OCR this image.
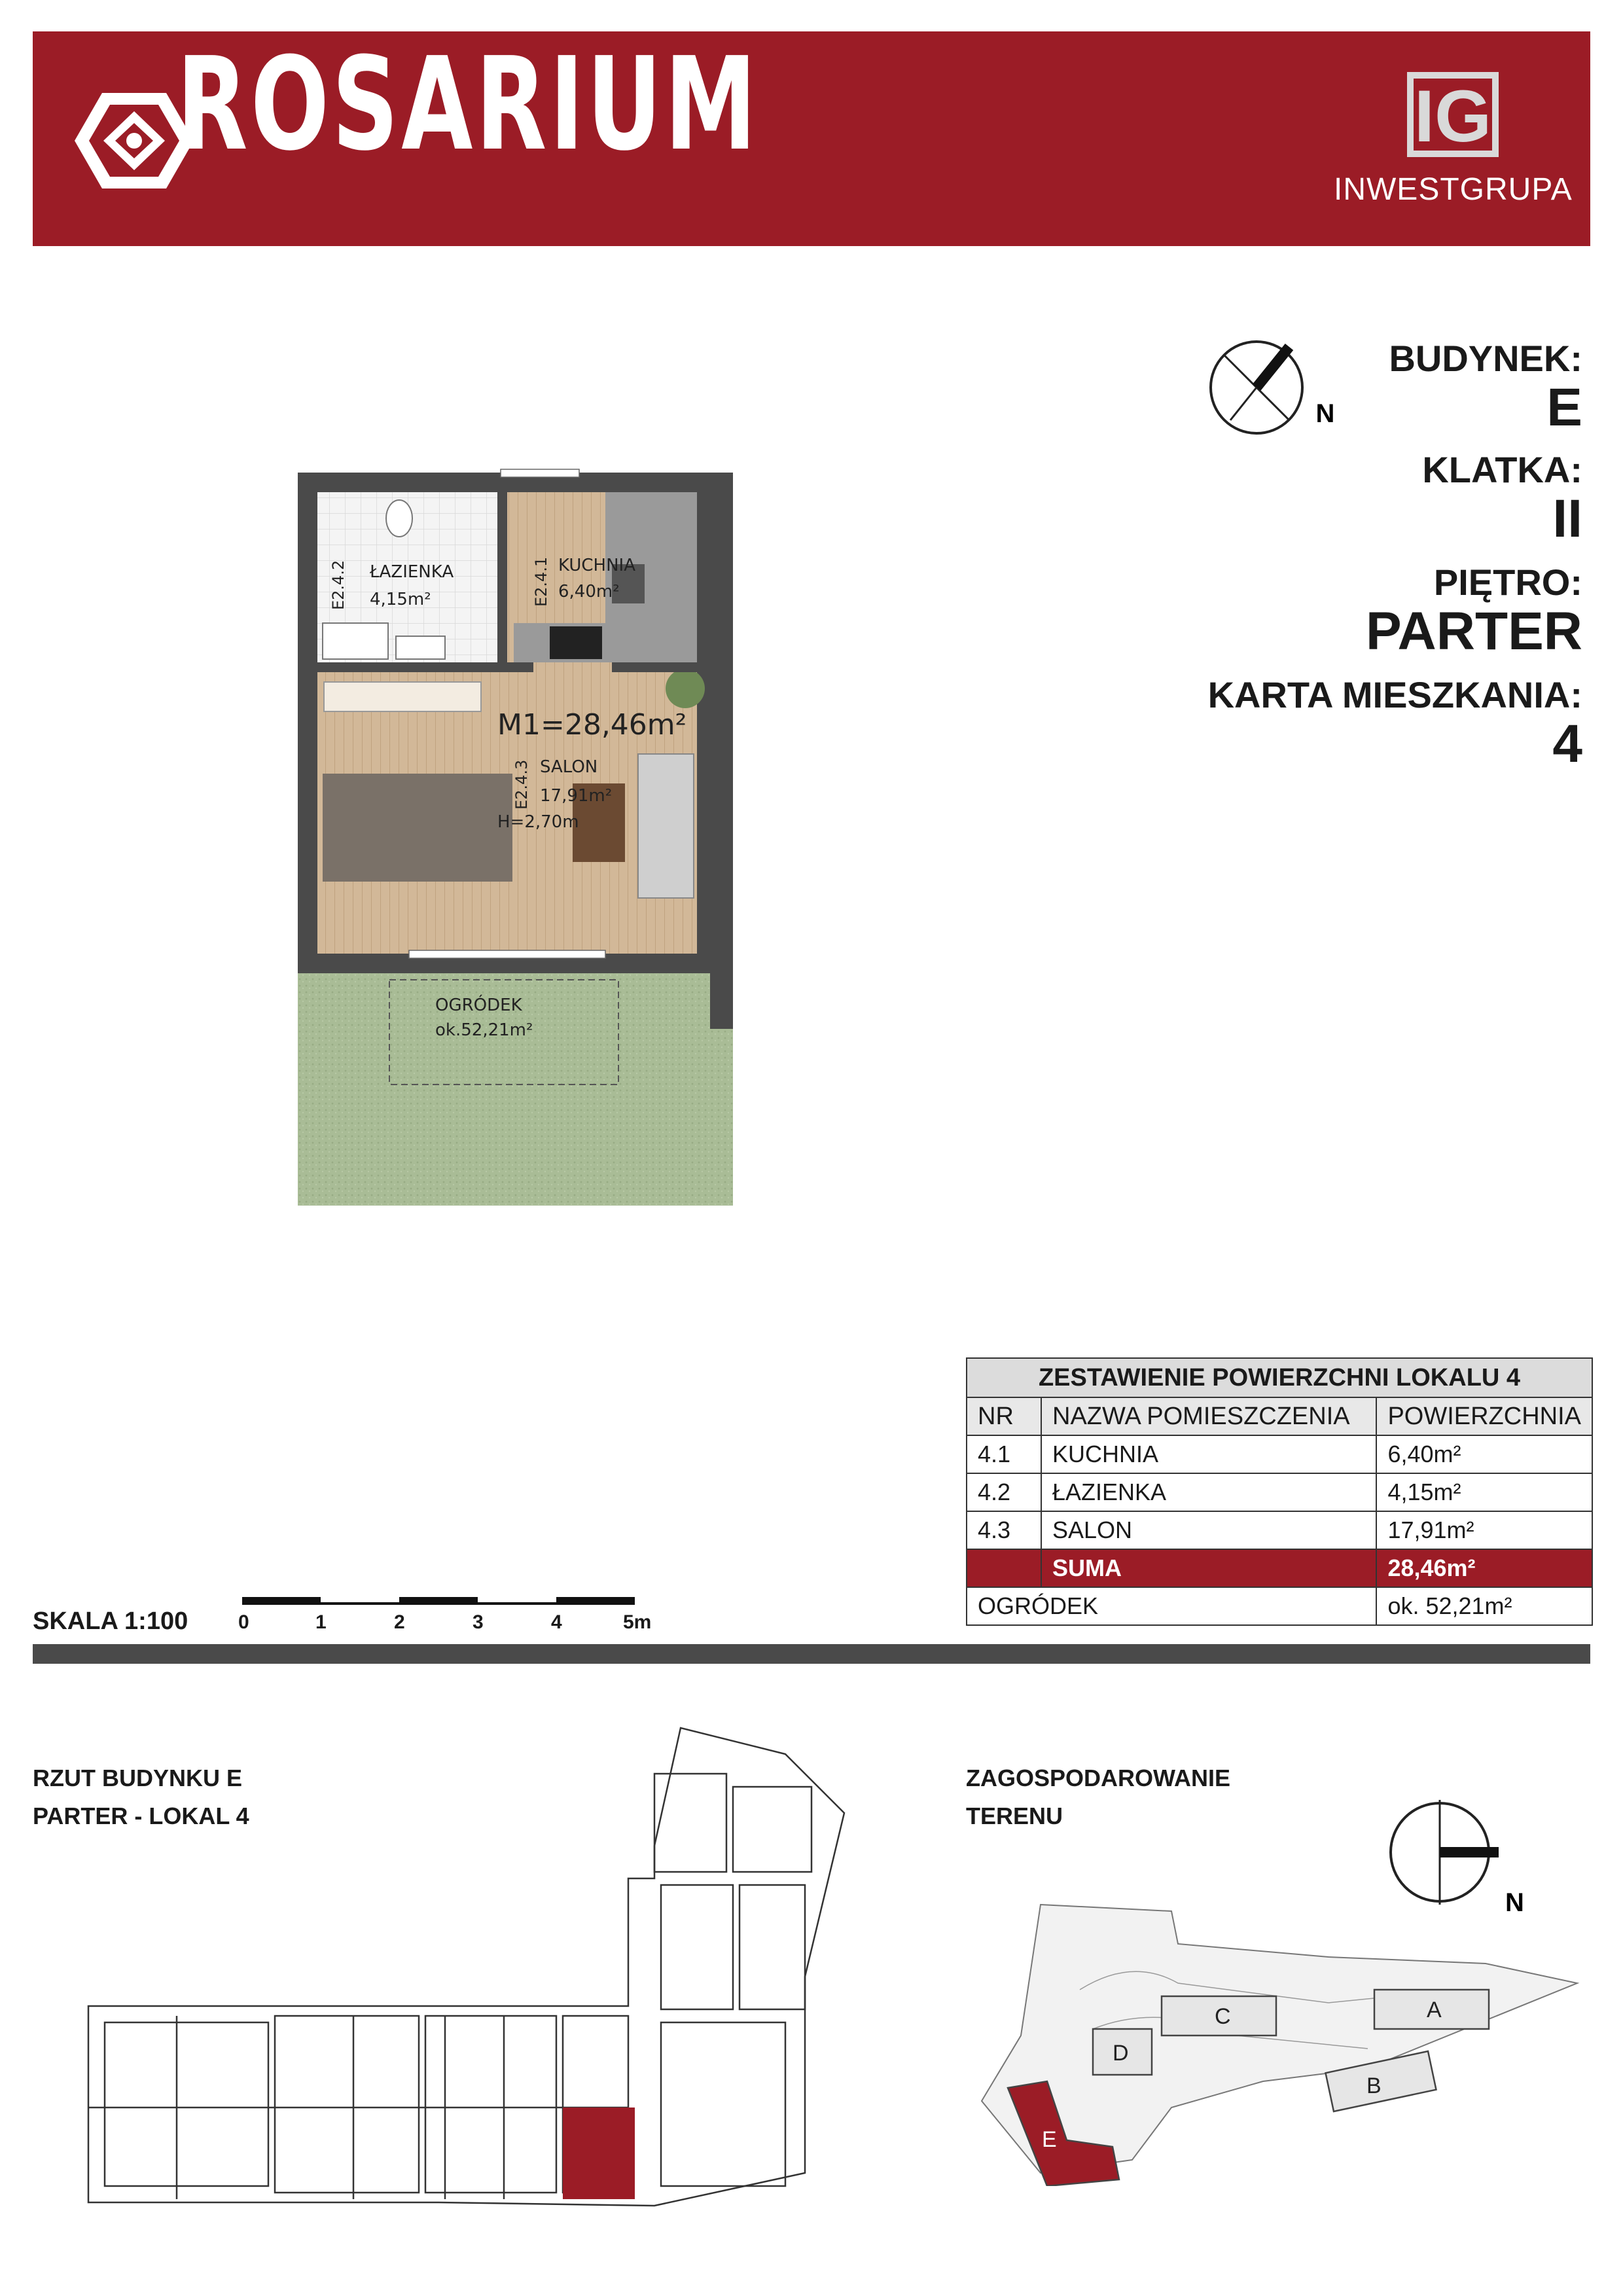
ROSARIUM	IG
INWESTGRUPA
N
BUDYNEK:
E
KLATKA:
II
PIĘTRO:
PARTER
KARTA MIESZKANIA:
4
E2.4.2 ŁAZIENKA
4,15m²	E2.4.1 KUCHNIA
6,40m²
M1=28,46m²
E2.4.3 SALON
17,91m²
H=2,70m
OGRÓDEK
ok.52,21m²
ZESTAWIENIE POWIERZCHNI LOKALU 4		
NR	NAZWA POMIESZCZENIA	POWIERZCHNIA
4.1	KUCHNIA	6,40m²
4.2	ŁAZIENKA	4,15m²
4.3	SALON	17,91m²
	SUMA	28,46m²
OGRÓDEK		ok. 52,21m²
SKALA 1:100	0	1	2	3	4	5m
RZUT BUDYNKU E
PARTER - LOKAL 4
ZAGOSPODAROWANIE
TERENU
N
C	A
B
D
E
